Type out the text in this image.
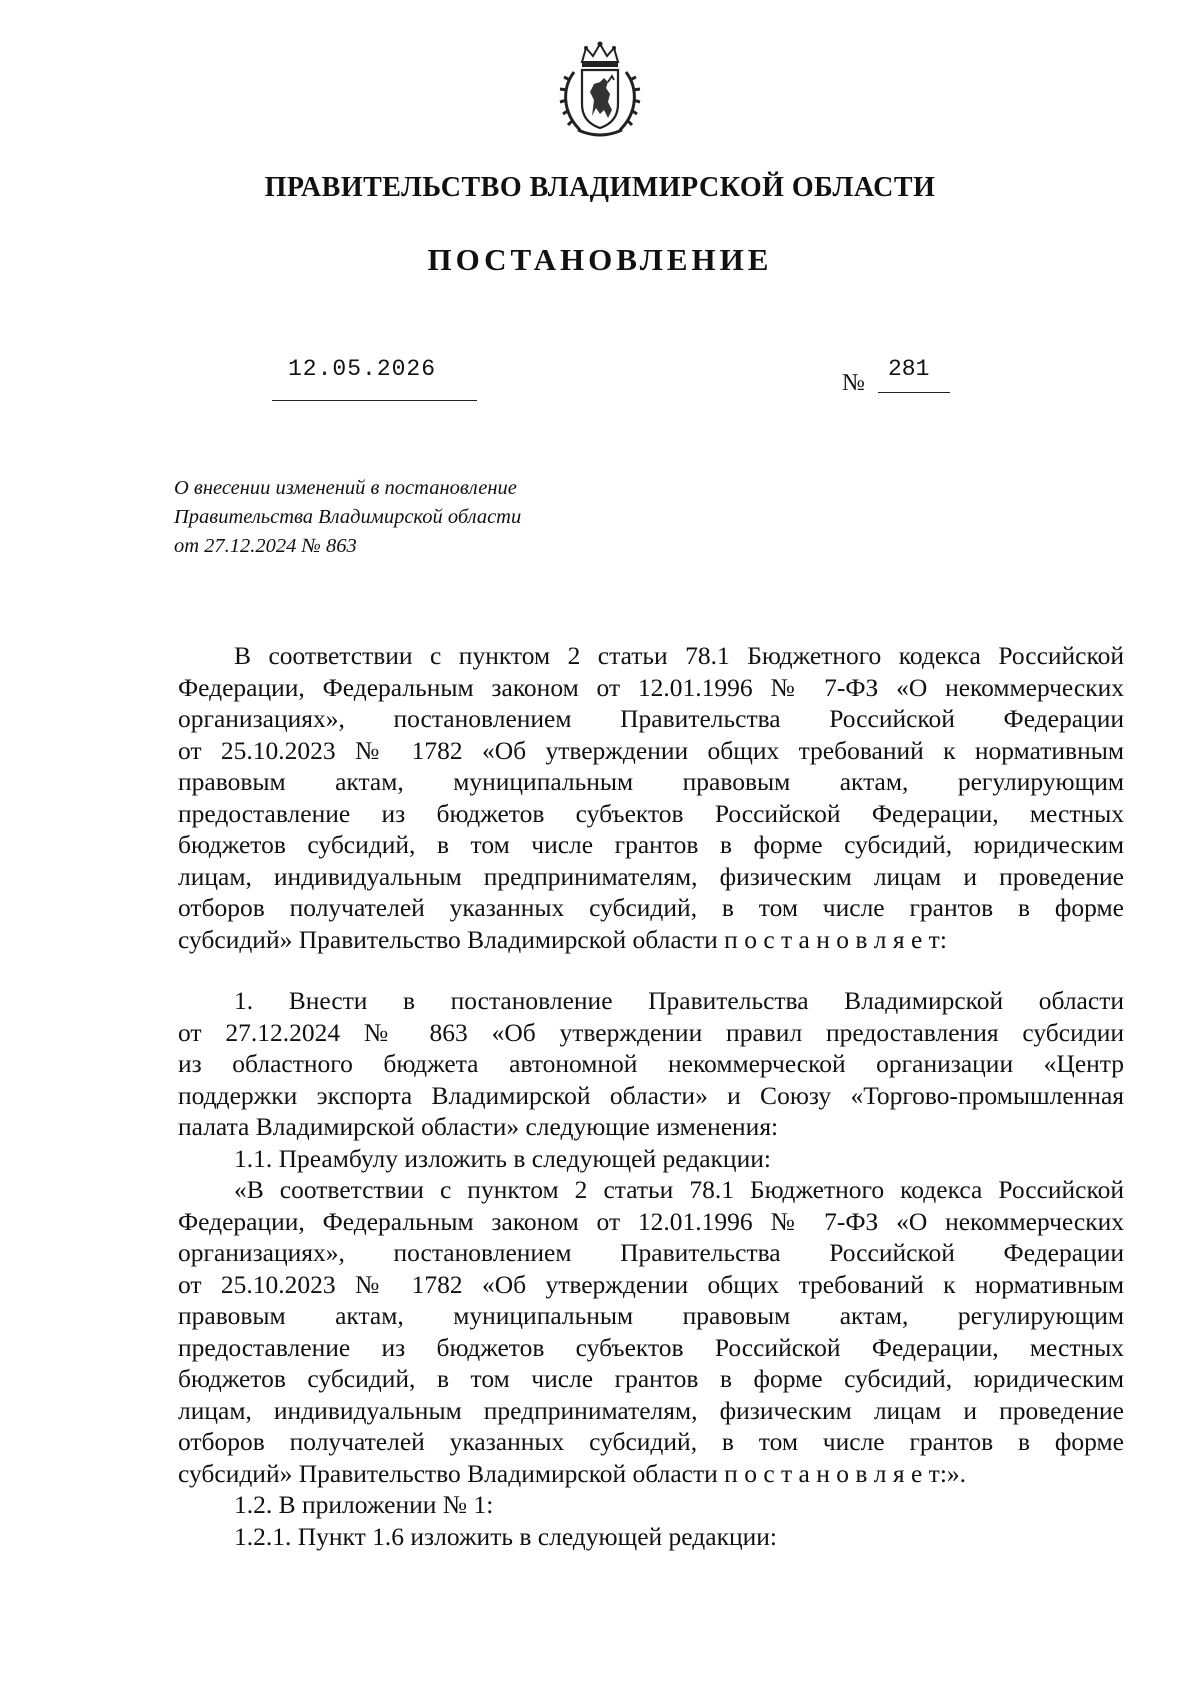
ПРАВИТЕЛЬСТВО ВЛАДИМИРСКОЙ ОБЛАСТИ
ПОСТАНОВЛЕНИЕ
12.05.2026
№
281
О внесении изменений в постановление
Правительства Владимирской области
от 27.12.2024 № 863
В соответствии с пунктом 2 статьи 78.1 Бюджетного кодекса Российской
Федерации, Федеральным законом от 12.01.1996 № 7-ФЗ «О некоммерческих
организациях», постановлением Правительства Российской Федерации
от 25.10.2023 № 1782 «Об утверждении общих требований к нормативным
правовым актам, муниципальным правовым актам, регулирующим
предоставление из бюджетов субъектов Российской Федерации, местных
бюджетов субсидий, в том числе грантов в форме субсидий, юридическим
лицам, индивидуальным предпринимателям, физическим лицам и проведение
отборов получателей указанных субсидий, в том числе грантов в форме
субсидий» Правительство Владимирской области п о с т а н о в л я е т:
1. Внести в постановление Правительства Владимирской области
от 27.12.2024 № 863 «Об утверждении правил предоставления субсидии
из областного бюджета автономной некоммерческой организации «Центр
поддержки экспорта Владимирской области» и Союзу «Торгово-промышленная
палата Владимирской области» следующие изменения:
1.1. Преамбулу изложить в следующей редакции:
«В соответствии с пунктом 2 статьи 78.1 Бюджетного кодекса Российской
Федерации, Федеральным законом от 12.01.1996 № 7-ФЗ «О некоммерческих
организациях», постановлением Правительства Российской Федерации
от 25.10.2023 № 1782 «Об утверждении общих требований к нормативным
правовым актам, муниципальным правовым актам, регулирующим
предоставление из бюджетов субъектов Российской Федерации, местных
бюджетов субсидий, в том числе грантов в форме субсидий, юридическим
лицам, индивидуальным предпринимателям, физическим лицам и проведение
отборов получателей указанных субсидий, в том числе грантов в форме
субсидий» Правительство Владимирской области п о с т а н о в л я е т:».
1.2. В приложении № 1:
1.2.1. Пункт 1.6 изложить в следующей редакции:
